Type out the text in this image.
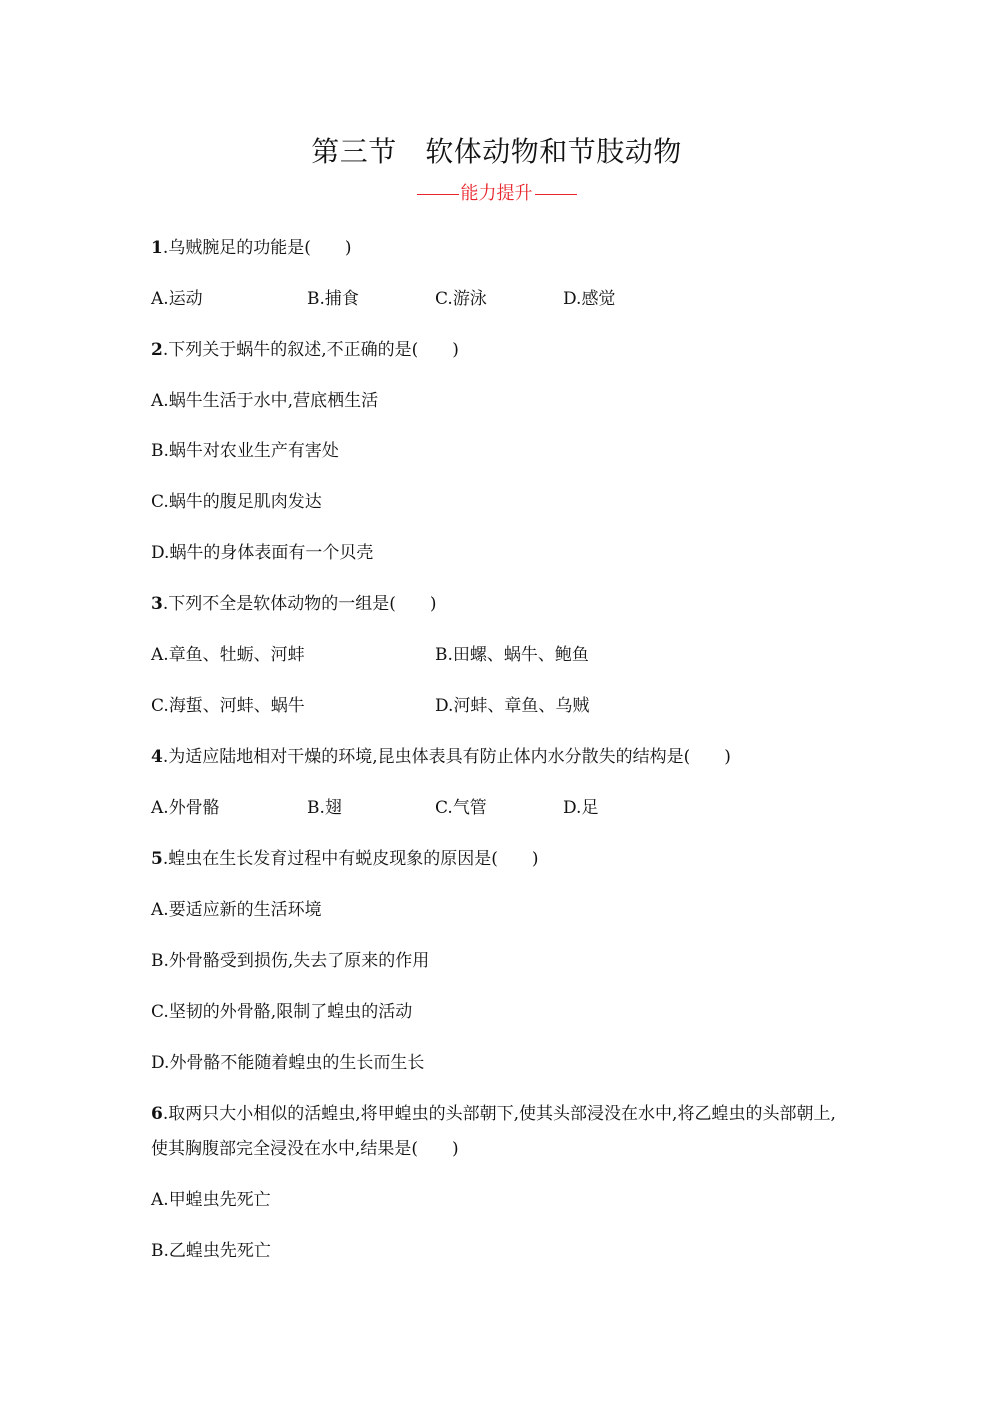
第三节　软体动物和节肢动物
能力提升
1.乌贼腕足的功能是(　　)
A.运动	B.捕食	C.游泳	D.感觉
2.下列关于蜗牛的叙述,不正确的是(　　)
A.蜗牛生活于水中,营底栖生活
B.蜗牛对农业生产有害处
C.蜗牛的腹足肌肉发达
D.蜗牛的身体表面有一个贝壳
3.下列不全是软体动物的一组是(　　)
A.章鱼、牡蛎、河蚌	B.田螺、蜗牛、鲍鱼
C.海蜇、河蚌、蜗牛	D.河蚌、章鱼、乌贼
4.为适应陆地相对干燥的环境,昆虫体表具有防止体内水分散失的结构是(　　)
A.外骨骼	B.翅	C.气管	D.足
5.蝗虫在生长发育过程中有蜕皮现象的原因是(　　)
A.要适应新的生活环境
B.外骨骼受到损伤,失去了原来的作用
C.坚韧的外骨骼,限制了蝗虫的活动
D.外骨骼不能随着蝗虫的生长而生长
6.取两只大小相似的活蝗虫,将甲蝗虫的头部朝下,使其头部浸没在水中,将乙蝗虫的头部朝上,
使其胸腹部完全浸没在水中,结果是(　　)
A.甲蝗虫先死亡
B.乙蝗虫先死亡
